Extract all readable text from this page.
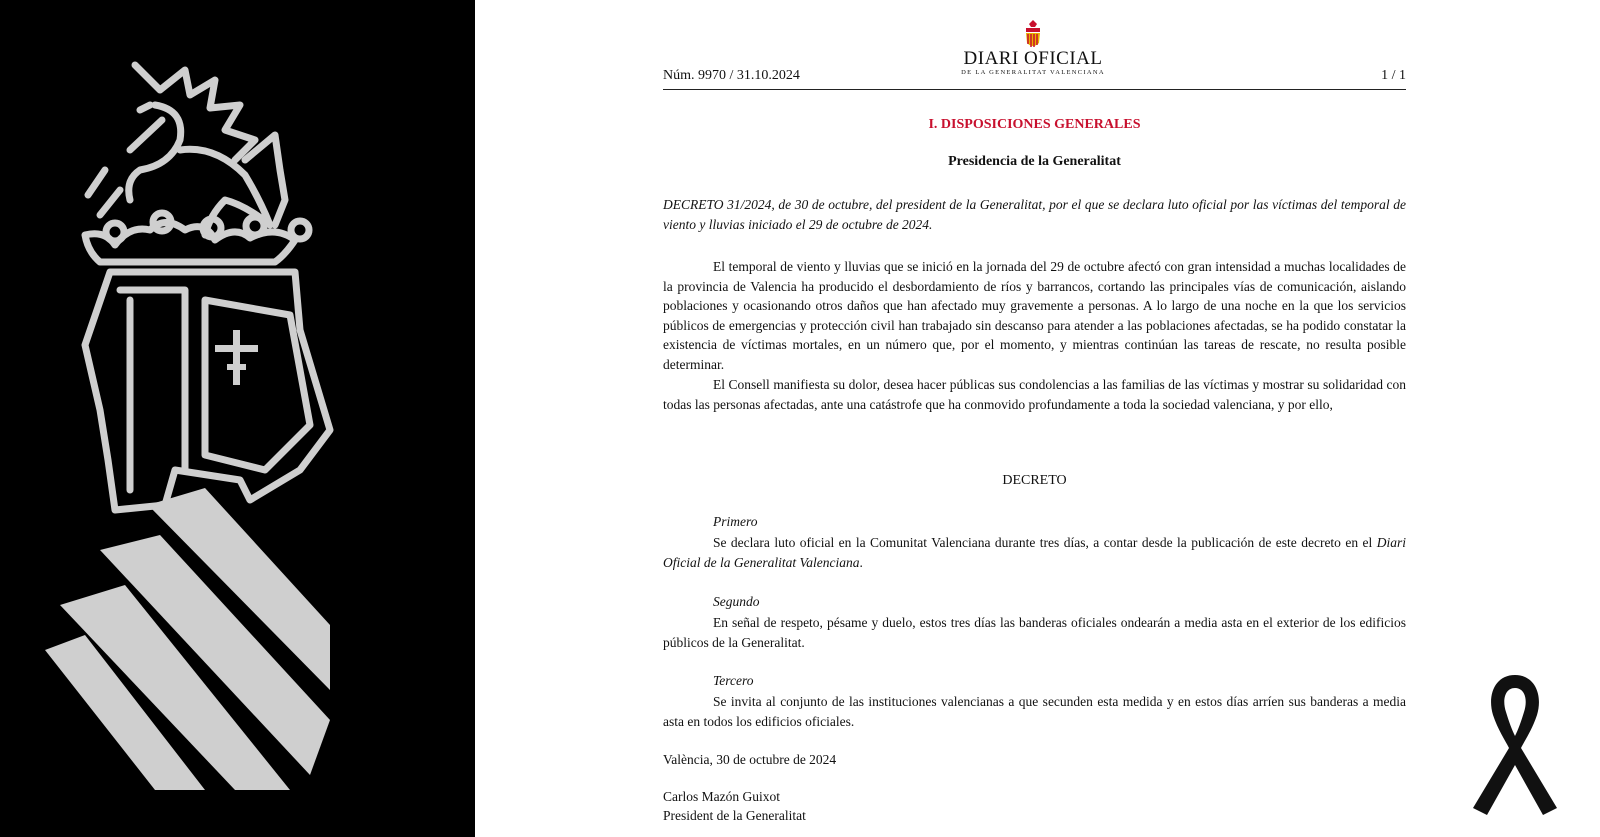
Núm. 9970 / 31.10.2024
DIARI OFICIAL
DE LA GENERALITAT VALENCIANA	1 / 1
I. DISPOSICIONES GENERALES
Presidencia de la Generalitat
DECRETO 31/2024, de 30 de octubre, del president de la Generalitat, por el que se declara luto oficial por las víctimas del temporal de viento y lluvias iniciado el 29 de octubre de 2024.
El temporal de viento y lluvias que se inició en la jornada del 29 de octubre afectó con gran intensidad a muchas localidades de la provincia de Valencia ha producido el desbordamiento de ríos y barrancos, cortando las principales vías de comunicación, aislando poblaciones y ocasionando otros daños que han afectado muy gravemente a personas. A lo largo de una noche en la que los servicios públicos de emergencias y protección civil han trabajado sin descanso para atender a las poblaciones afectadas, se ha podido constatar la existencia de víctimas mortales, en un número que, por el momento, y mientras continúan las tareas de rescate, no resulta posible determinar.
El Consell manifiesta su dolor, desea hacer públicas sus condolencias a las familias de las víctimas y mostrar su solidaridad con todas las personas afectadas, ante una catástrofe que ha conmovido profundamente a toda la sociedad valenciana, y por ello,
DECRETO
Primero
Se declara luto oficial en la Comunitat Valenciana durante tres días, a contar desde la publicación de este decreto en el Diari Oficial de la Generalitat Valenciana.
Segundo
En señal de respeto, pésame y duelo, estos tres días las banderas oficiales ondearán a media asta en el exterior de los edificios públicos de la Generalitat.
Tercero
Se invita al conjunto de las instituciones valencianas a que secunden esta medida y en estos días arríen sus banderas a media asta en todos los edificios oficiales.
València, 30 de octubre de 2024
Carlos Mazón Guixot
President de la Generalitat
